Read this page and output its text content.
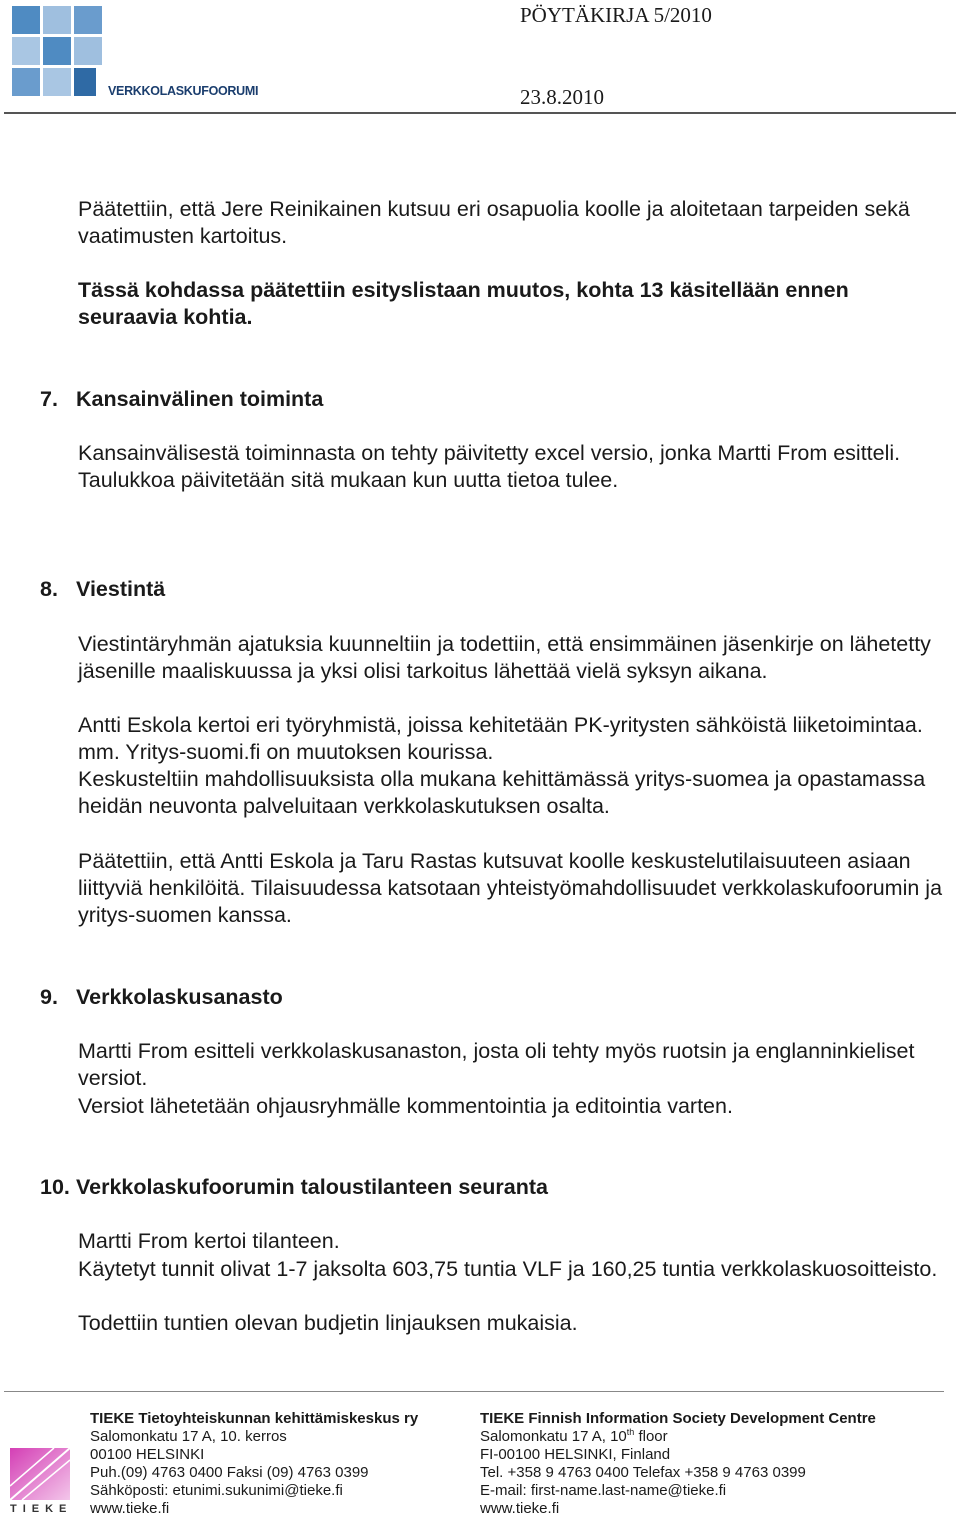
VERKKOLASKUFOORUMI
PÖYTÄKIRJA 5/2010
23.8.2010

Päätettiin, että Jere Reinikainen kutsuu eri osapuolia koolle ja aloitetaan tarpeiden sekä vaatimusten kartoitus.

Tässä kohdassa päätettiin esityslistaan muutos, kohta 13 käsitellään ennen seuraavia kohtia.

7. Kansainvälinen toiminta

Kansainvälisestä toiminnasta on tehty päivitetty excel versio, jonka Martti From esitteli. Taulukkoa päivitetään sitä mukaan kun uutta tietoa tulee.

8. Viestintä

Viestintäryhmän ajatuksia kuunneltiin ja todettiin, että ensimmäinen jäsenkirje on lähetetty jäsenille maaliskuussa ja yksi olisi tarkoitus lähettää vielä syksyn aikana.

Antti Eskola kertoi eri työryhmistä, joissa kehitetään PK-yritysten sähköistä liiketoimintaa. mm. Yritys-suomi.fi on muutoksen kourissa.

Keskusteltiin mahdollisuuksista olla mukana kehittämässä yritys-suomea ja opastamassa heidän neuvonta palveluitaan verkkolaskutuksen osalta.

Päätettiin, että Antti Eskola ja Taru Rastas kutsuvat koolle keskustelutilaisuuteen asiaan liittyviä henkilöitä. Tilaisuudessa katsotaan yhteistyömahdollisuudet verkkolaskufoorumin ja yritys-suomen kanssa.

9. Verkkolaskusanasto

Martti From esitteli verkkolaskusanaston, josta oli tehty myös ruotsin ja englanninkieliset versiot.

Versiot lähetetään ohjausryhmälle kommentointia ja editointia varten.

10. Verkkolaskufoorumin taloustilanteen seuranta

Martti From kertoi tilanteen.

Käytetyt tunnit olivat 1-7 jaksolta 603,75 tuntia VLF ja 160,25 tuntia verkkolaskuosoitteisto.

Todettiin tuntien olevan budjetin linjauksen mukaisia.

TIEKE
TIEKE Tietoyhteiskunnan kehittämiskeskus ry
Salomonkatu 17 A, 10. kerros
00100 HELSINKI
Puh.(09) 4763 0400 Faksi (09) 4763 0399
Sähköposti: etunimi.sukunimi@tieke.fi
www.tieke.fi
TIEKE Finnish Information Society Development Centre
Salomonkatu 17 A, 10th floor
FI-00100 HELSINKI, Finland
Tel. +358 9 4763 0400 Telefax +358 9 4763 0399
E-mail: first-name.last-name@tieke.fi
www.tieke.fi
